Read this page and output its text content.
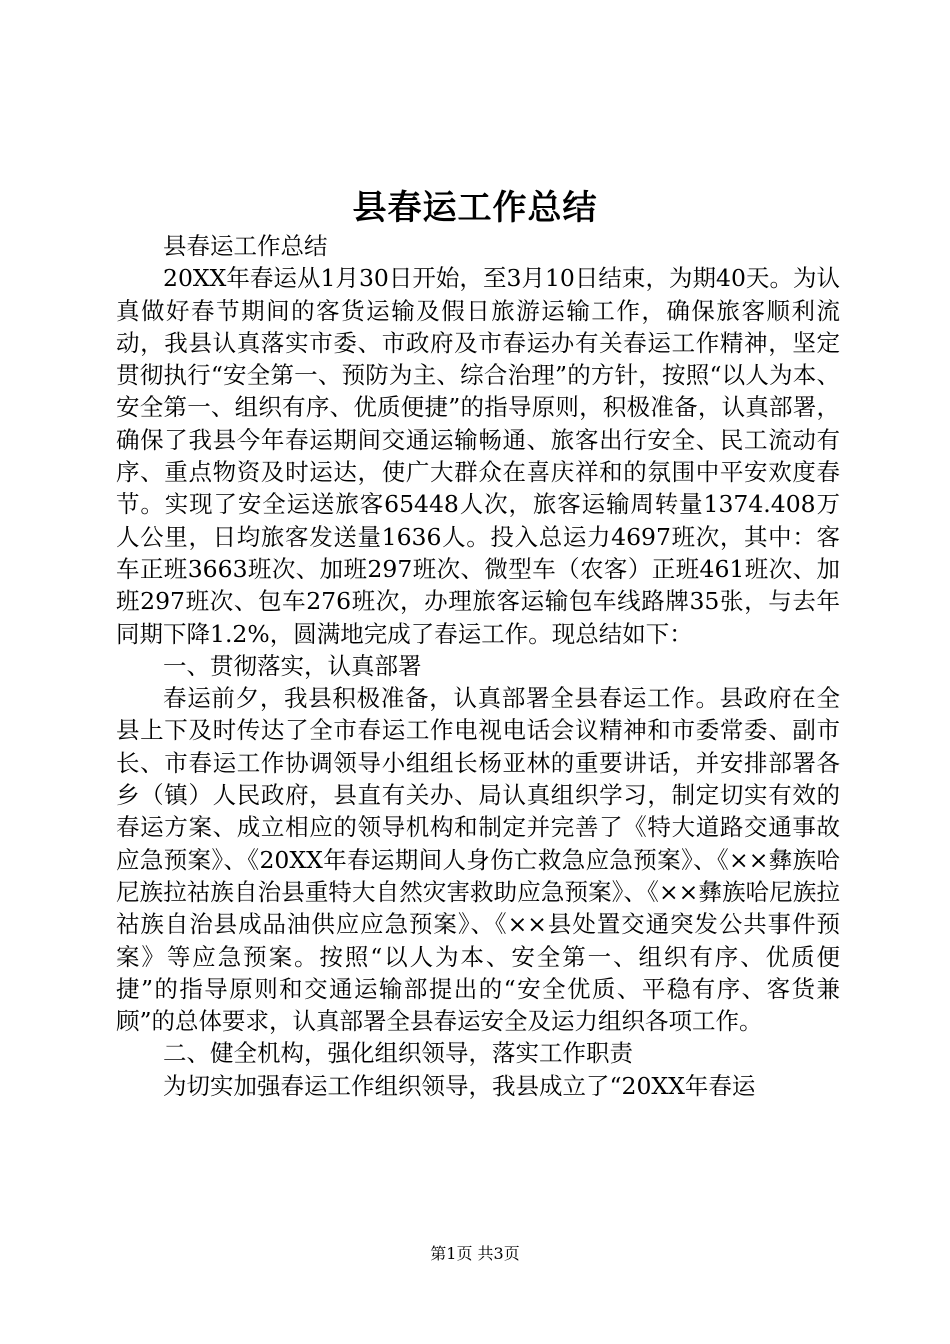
县春运工作总结

县春运工作总结

20XX年春运从1月30日开始，至3月10日结束，为期40天。为认真做好春节期间的客货运输及假日旅游运输工作，确保旅客顺利流动，我县认真落实市委、市政府及市春运办有关春运工作精神，坚定贯彻执行“安全第一、预防为主、综合治理”的方针，按照“以人为本、安全第一、组织有序、优质便捷”的指导原则，积极准备，认真部署，确保了我县今年春运期间交通运输畅通、旅客出行安全、民工流动有序、重点物资及时运达，使广大群众在喜庆祥和的氛围中平安欢度春节。实现了安全运送旅客65448人次，旅客运输周转量1374.408万人公里，日均旅客发送量1636人。投入总运力4697班次，其中：客车正班3663班次、加班297班次、微型车（农客）正班461班次、加班297班次、包车276班次，办理旅客运输包车线路牌35张，与去年同期下降1.2%，圆满地完成了春运工作。现总结如下：

一、贯彻落实，认真部署

春运前夕，我县积极准备，认真部署全县春运工作。县政府在全县上下及时传达了全市春运工作电视电话会议精神和市委常委、副市长、市春运工作协调领导小组组长杨亚林的重要讲话，并安排部署各乡（镇）人民政府，县直有关办、局认真组织学习，制定切实有效的春运方案、成立相应的领导机构和制定并完善了《特大道路交通事故应急预案》、《20XX年春运期间人身伤亡救急应急预案》、《××彝族哈尼族拉祜族自治县重特大自然灾害救助应急预案》、《××彝族哈尼族拉祜族自治县成品油供应应急预案》、《××县处置交通突发公共事件预案》等应急预案。按照“以人为本、安全第一、组织有序、优质便捷”的指导原则和交通运输部提出的“安全优质、平稳有序、客货兼顾”的总体要求，认真部署全县春运安全及运力组织各项工作。

二、健全机构，强化组织领导，落实工作职责

为切实加强春运工作组织领导，我县成立了“20XX年春运

第1页 共3页
